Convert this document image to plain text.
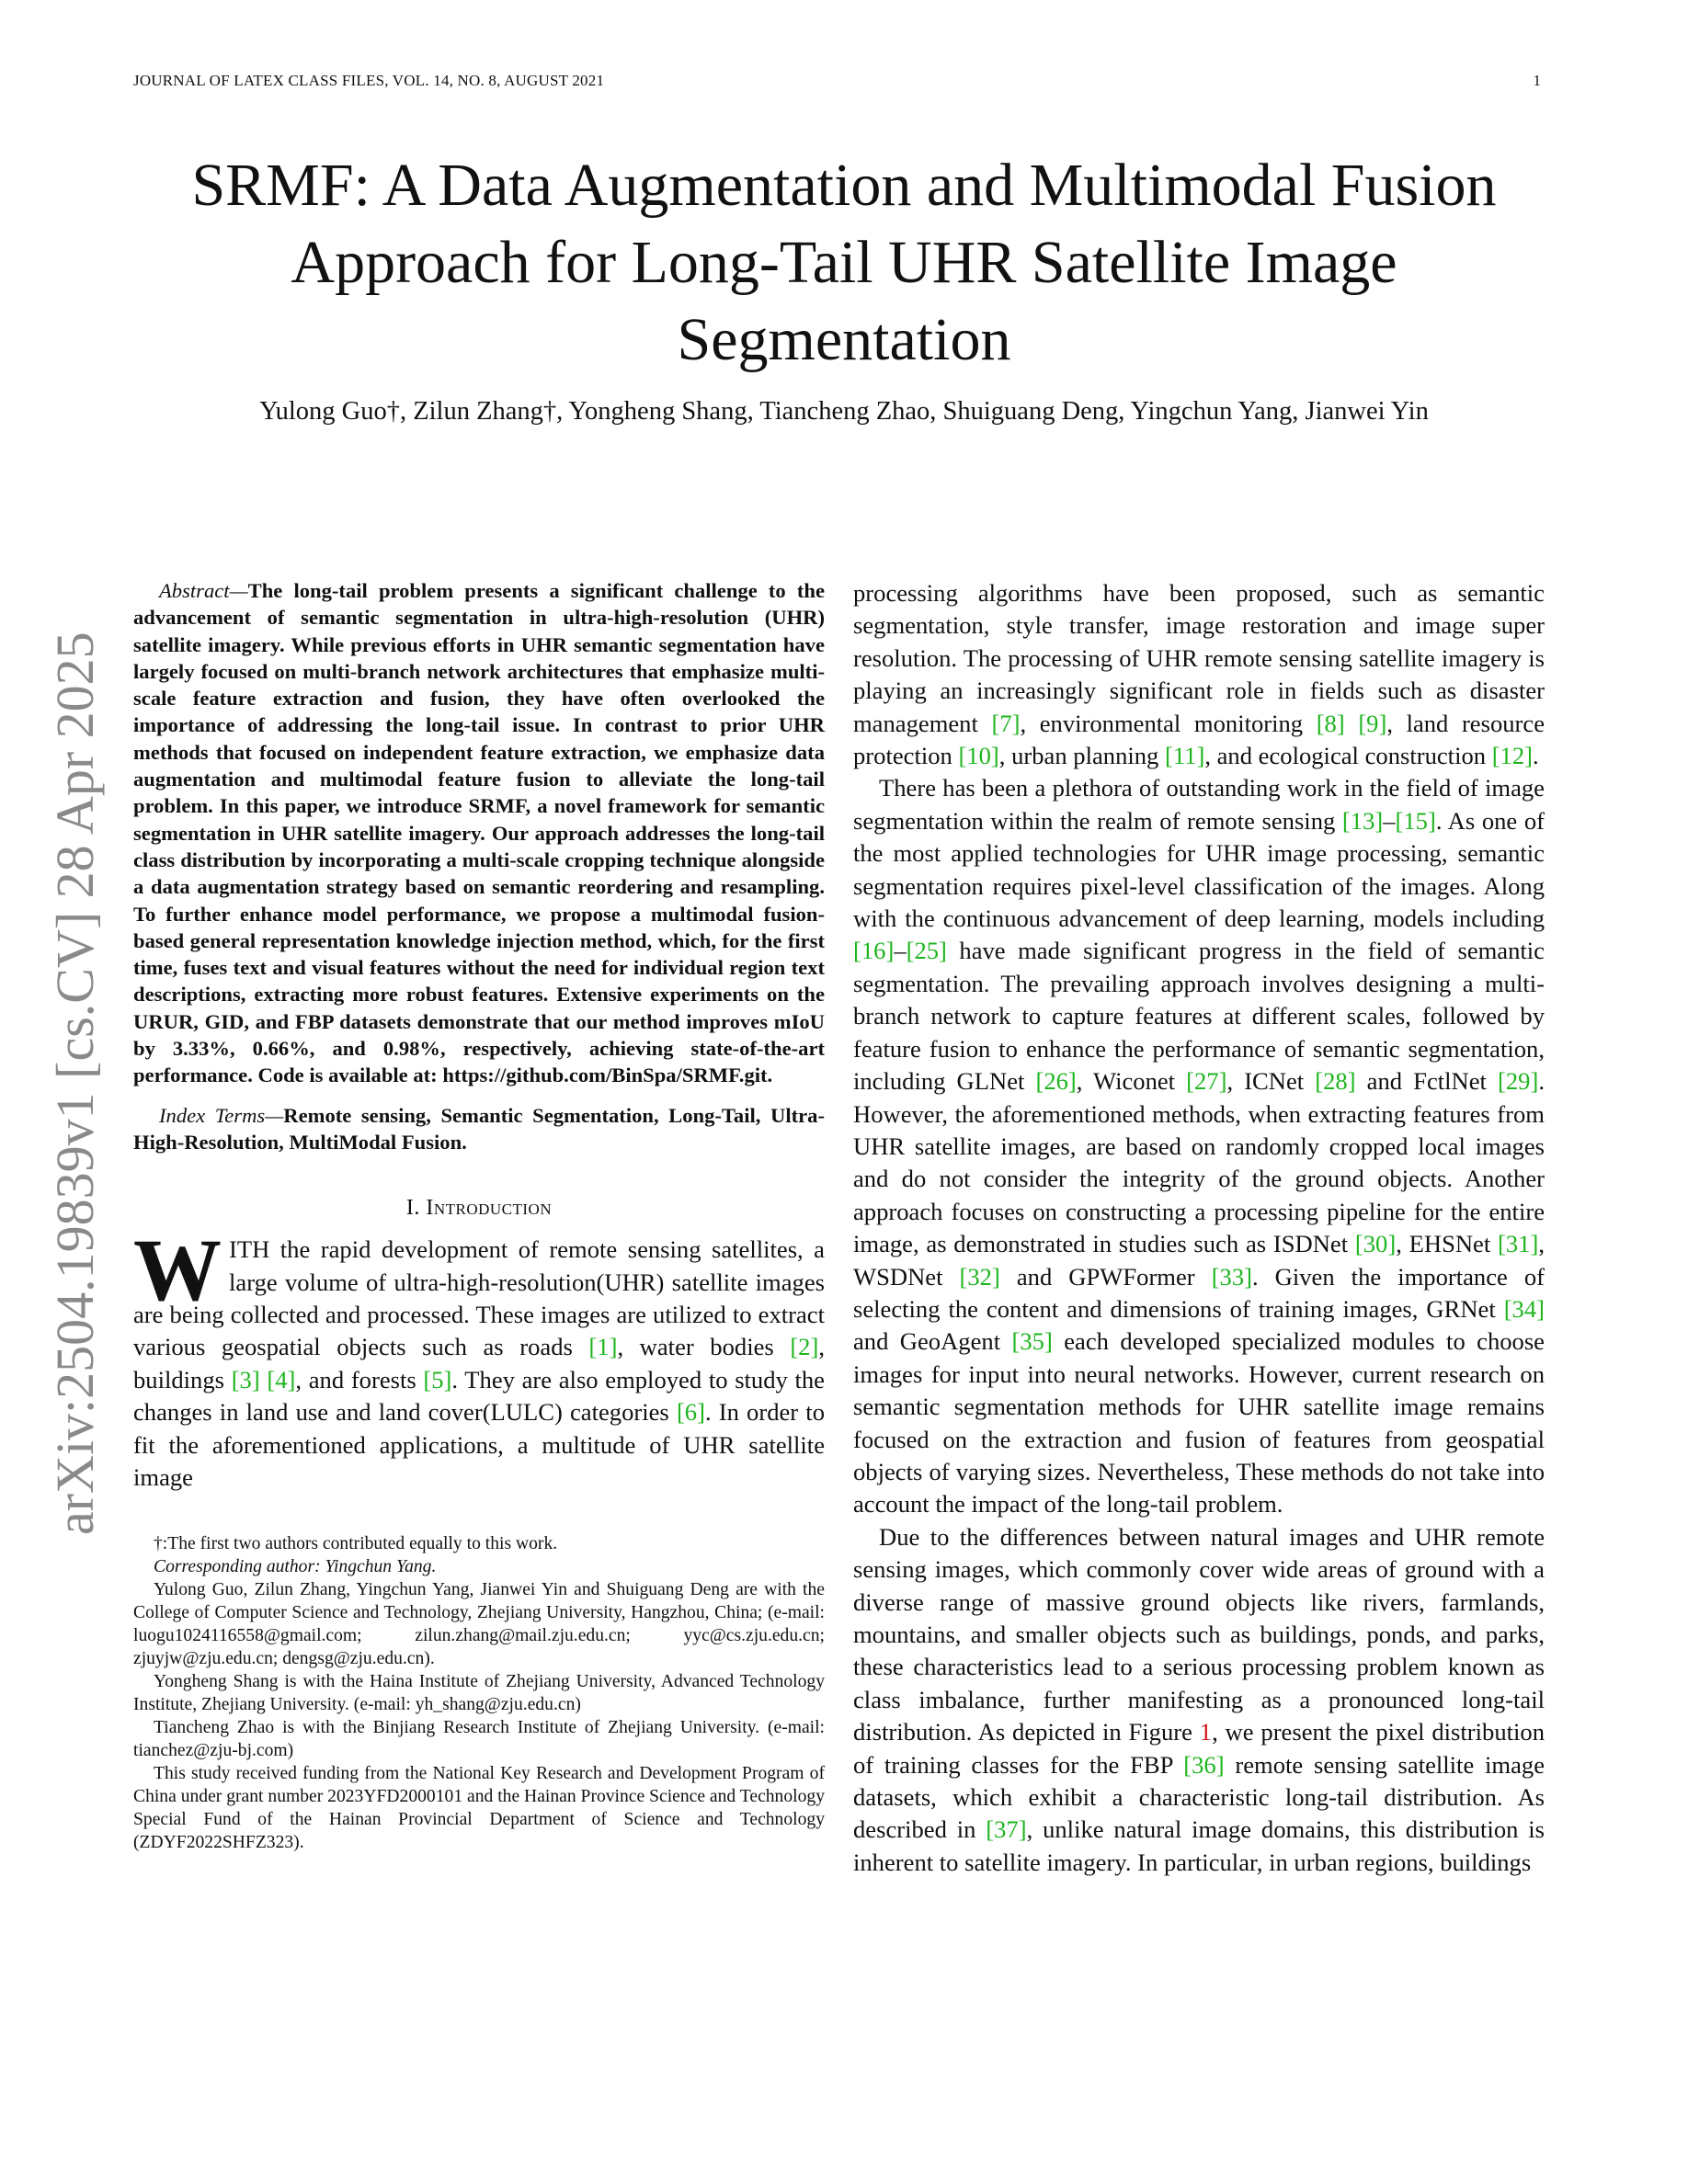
JOURNAL OF LATEX CLASS FILES, VOL. 14, NO. 8, AUGUST 2021	1
SRMF: A Data Augmentation and Multimodal Fusion Approach for Long-Tail UHR Satellite Image Segmentation
Yulong Guo†, Zilun Zhang†, Yongheng Shang, Tiancheng Zhao, Shuiguang Deng, Yingchun Yang, Jianwei Yin
arXiv:2504.19839v1 [cs.CV] 28 Apr 2025

Abstract—The long-tail problem presents a significant challenge to the advancement of semantic segmentation in ultra-high-resolution (UHR) satellite imagery. While previous efforts in UHR semantic segmentation have largely focused on multi-branch network architectures that emphasize multi-scale feature extraction and fusion, they have often overlooked the importance of addressing the long-tail issue. In contrast to prior UHR methods that focused on independent feature extraction, we emphasize data augmentation and multimodal feature fusion to alleviate the long-tail problem. In this paper, we introduce SRMF, a novel framework for semantic segmentation in UHR satellite imagery. Our approach addresses the long-tail class distribution by incorporating a multi-scale cropping technique alongside a data augmentation strategy based on semantic reordering and resampling. To further enhance model performance, we propose a multimodal fusion-based general representation knowledge injection method, which, for the first time, fuses text and visual features without the need for individual region text descriptions, extracting more robust features. Extensive experiments on the URUR, GID, and FBP datasets demonstrate that our method improves mIoU by 3.33%, 0.66%, and 0.98%, respectively, achieving state-of-the-art performance. Code is available at: https://github.com/BinSpa/SRMF.git.

Index Terms—Remote sensing, Semantic Segmentation, Long-Tail, Ultra-High-Resolution, MultiModal Fusion.

I. Introduction

WITH the rapid development of remote sensing satellites, a large volume of ultra-high-resolution(UHR) satellite images are being collected and processed. These images are utilized to extract various geospatial objects such as roads [1], water bodies [2], buildings [3] [4], and forests [5]. They are also employed to study the changes in land use and land cover(LULC) categories [6]. In order to fit the aforementioned applications, a multitude of UHR satellite image

†:The first two authors contributed equally to this work.

Corresponding author: Yingchun Yang.

Yulong Guo, Zilun Zhang, Yingchun Yang, Jianwei Yin and Shuiguang Deng are with the College of Computer Science and Technology, Zhejiang University, Hangzhou, China; (e-mail: luogu1024116558@gmail.com; zilun.zhang@mail.zju.edu.cn; yyc@cs.zju.edu.cn; zjuyjw@zju.edu.cn; dengsg@zju.edu.cn).

Yongheng Shang is with the Haina Institute of Zhejiang University, Advanced Technology Institute, Zhejiang University. (e-mail: yh_shang@zju.edu.cn)

Tiancheng Zhao is with the Binjiang Research Institute of Zhejiang University. (e-mail: tianchez@zju-bj.com)

This study received funding from the National Key Research and Development Program of China under grant number 2023YFD2000101 and the Hainan Province Science and Technology Special Fund of the Hainan Provincial Department of Science and Technology (ZDYF2022SHFZ323).

processing algorithms have been proposed, such as semantic segmentation, style transfer, image restoration and image super resolution. The processing of UHR remote sensing satellite imagery is playing an increasingly significant role in fields such as disaster management [7], environmental monitoring [8] [9], land resource protection [10], urban planning [11], and ecological construction [12].

There has been a plethora of outstanding work in the field of image segmentation within the realm of remote sensing [13]–[15]. As one of the most applied technologies for UHR image processing, semantic segmentation requires pixel-level classification of the images. Along with the continuous advancement of deep learning, models including [16]–[25] have made significant progress in the field of semantic segmentation. The prevailing approach involves designing a multi-branch network to capture features at different scales, followed by feature fusion to enhance the performance of semantic segmentation, including GLNet [26], Wiconet [27], ICNet [28] and FctlNet [29]. However, the aforementioned methods, when extracting features from UHR satellite images, are based on randomly cropped local images and do not consider the integrity of the ground objects. Another approach focuses on constructing a processing pipeline for the entire image, as demonstrated in studies such as ISDNet [30], EHSNet [31], WSDNet [32] and GPWFormer [33]. Given the importance of selecting the content and dimensions of training images, GRNet [34] and GeoAgent [35] each developed specialized modules to choose images for input into neural networks. However, current research on semantic segmentation methods for UHR satellite image remains focused on the extraction and fusion of features from geospatial objects of varying sizes. Nevertheless, These methods do not take into account the impact of the long-tail problem.

Due to the differences between natural images and UHR remote sensing images, which commonly cover wide areas of ground with a diverse range of massive ground objects like rivers, farmlands, mountains, and smaller objects such as buildings, ponds, and parks, these characteristics lead to a serious processing problem known as class imbalance, further manifesting as a pronounced long-tail distribution. As depicted in Figure 1, we present the pixel distribution of training classes for the FBP [36] remote sensing satellite image datasets, which exhibit a characteristic long-tail distribution. As described in [37], unlike natural image domains, this distribution is inherent to satellite imagery. In particular, in urban regions, buildings
